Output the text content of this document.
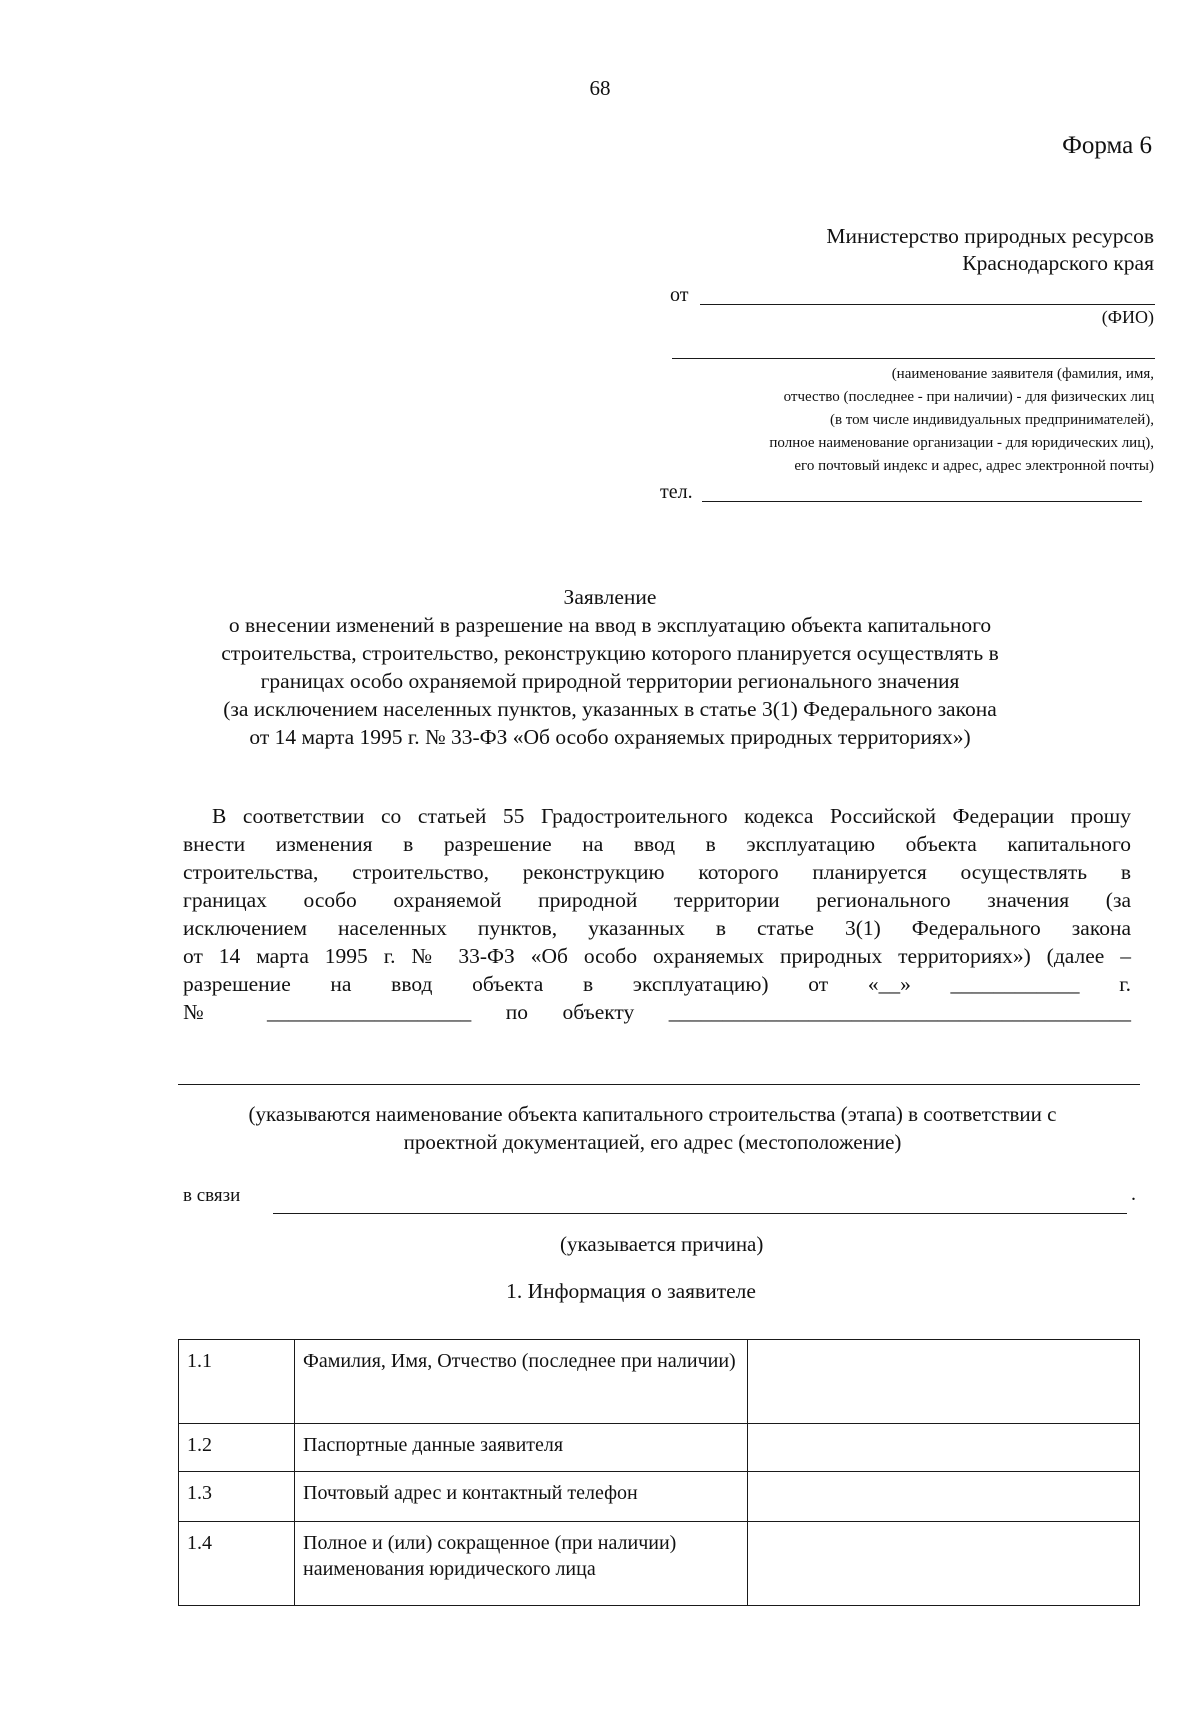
68
Форма 6
Министерство природных ресурсов
Краснодарского края
от
(ФИО)
(наименование заявителя (фамилия, имя,
отчество (последнее - при наличии) - для физических лиц
(в том числе индивидуальных предпринимателей),
полное наименование организации - для юридических лиц),
его почтовый индекс и адрес, адрес электронной почты)
тел.
Заявление
о внесении изменений в разрешение на ввод в эксплуатацию объекта капитального
строительства, строительство, реконструкцию которого планируется осуществлять в
границах особо охраняемой природной территории регионального значения
(за исключением населенных пунктов, указанных в статье 3(1) Федерального закона
от 14 марта 1995 г. № 33-ФЗ «Об особо охраняемых природных территориях»)
В соответствии со статьей 55 Градостроительного кодекса Российской Федерации прошу
внести изменения в разрешение на ввод в эксплуатацию объекта капитального
строительства, строительство, реконструкцию которого планируется осуществлять в
границах особо охраняемой природной территории регионального значения (за
исключением населенных пунктов, указанных в статье 3(1) Федерального закона
от 14 марта 1995 г. № 33-ФЗ «Об особо охраняемых природных территориях») (далее –
разрешение на ввод объекта в эксплуатацию) от «__» ____________ г.
№ ___________________ по объекту ___________________________________________
(указываются наименование объекта капитального строительства (этапа) в соответствии с
проектной документацией, его адрес (местоположение)
в связи	.
(указывается причина)
1. Информация о заявителе
1.1	Фамилия, Имя, Отчество (последнее при наличии)	
1.2	Паспортные данные заявителя	
1.3	Почтовый адрес и контактный телефон	
1.4	Полное и (или) сокращенное (при наличии) наименования юридического лица	
